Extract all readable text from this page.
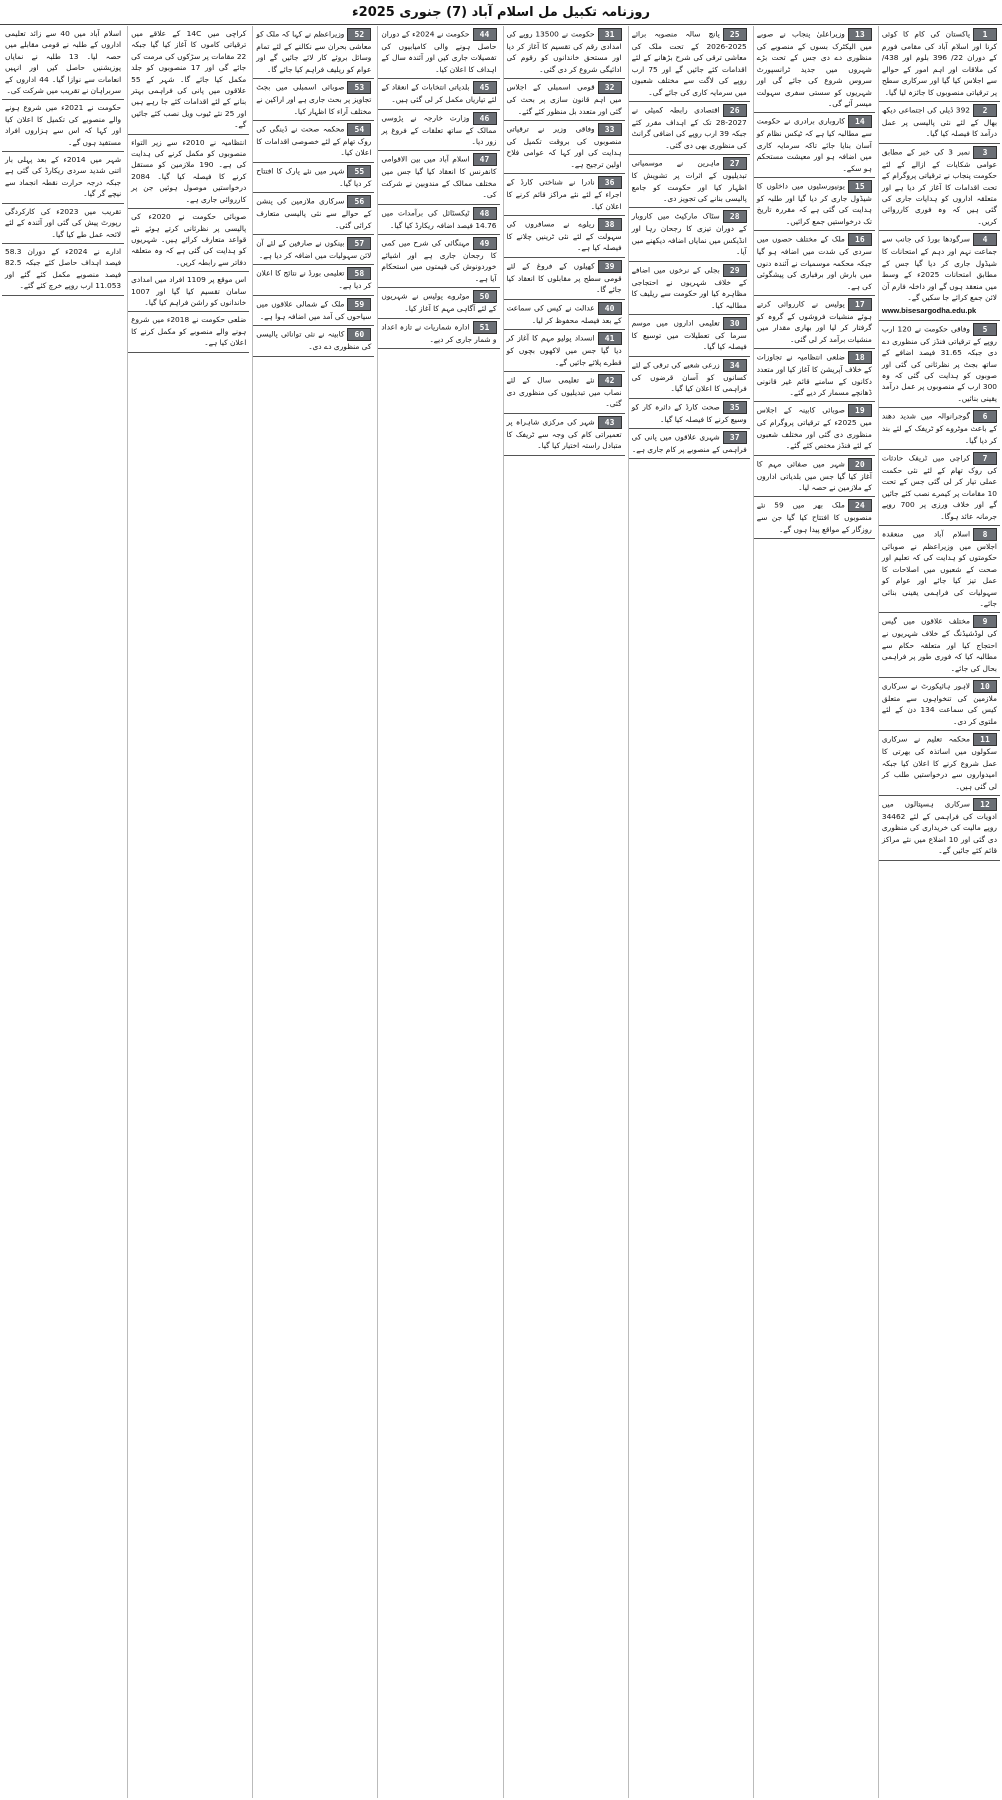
روزنامہ تکبیل مل اسلام آباد (7) جنوری 2025ء
1پاکستان کی کام کا کوئی کرنا اور اسلام آباد کی مقامی فورم کے دوران 22/ 396 بلوم اور 438/ کی ملاقات اور اہم امور کے حوالے سے اجلاس کیا گیا اور سرکاری سطح پر ترقیاتی منصوبوں کا جائزہ لیا گیا۔
2392 ڈیلی کی اجتماعی دیکھ بھال کے لئے نئی پالیسی پر عمل درآمد کا فیصلہ کیا گیا۔
3نمبر 3 کی خبر کے مطابق عوامی شکایات کے ازالے کے لئے حکومت پنجاب نے ترقیاتی پروگرام کے تحت اقدامات کا آغاز کر دیا ہے اور متعلقہ اداروں کو ہدایات جاری کی گئی ہیں کہ وہ فوری کارروائی کریں۔
4سرگودھا بورڈ کی جانب سے جماعت نہم اور دہم کے امتحانات کا شیڈول جاری کر دیا گیا جس کے مطابق امتحانات 2025ء کے وسط میں منعقد ہوں گے اور داخلہ فارم آن لائن جمع کرائے جا سکیں گے۔
www.bisesargodha.edu.pk
5وفاقی حکومت نے 120 ارب روپے کے ترقیاتی فنڈز کی منظوری دے دی جبکہ 31.65 فیصد اضافے کے ساتھ بجٹ پر نظرثانی کی گئی اور صوبوں کو ہدایت کی گئی کہ وہ 300 ارب کے منصوبوں پر عمل درآمد یقینی بنائیں۔
6گوجرانوالہ میں شدید دھند کے باعث موٹروے کو ٹریفک کے لئے بند کر دیا گیا۔
7کراچی میں ٹریفک حادثات کی روک تھام کے لئے نئی حکمت عملی تیار کر لی گئی جس کے تحت 10 مقامات پر کیمرے نصب کئے جائیں گے اور خلاف ورزی پر 700 روپے جرمانہ عائد ہوگا۔
8اسلام آباد میں منعقدہ اجلاس میں وزیراعظم نے صوبائی حکومتوں کو ہدایت کی کہ تعلیم اور صحت کے شعبوں میں اصلاحات کا عمل تیز کیا جائے اور عوام کو سہولیات کی فراہمی یقینی بنائی جائے۔
9مختلف علاقوں میں گیس کی لوڈشیڈنگ کے خلاف شہریوں نے احتجاج کیا اور متعلقہ حکام سے مطالبہ کیا کہ فوری طور پر فراہمی بحال کی جائے۔
10لاہور ہائیکورٹ نے سرکاری ملازمین کی تنخواہوں سے متعلق کیس کی سماعت 134 دن کے لئے ملتوی کر دی۔
11محکمہ تعلیم نے سرکاری سکولوں میں اساتذہ کی بھرتی کا عمل شروع کرنے کا اعلان کیا جبکہ امیدواروں سے درخواستیں طلب کر لی گئی ہیں۔
12سرکاری ہسپتالوں میں ادویات کی فراہمی کے لئے 34462 روپے مالیت کی خریداری کی منظوری دی گئی اور 10 اضلاع میں نئے مراکز قائم کئے جائیں گے۔
13وزیراعلیٰ پنجاب نے صوبے میں الیکٹرک بسوں کے منصوبے کی منظوری دے دی جس کے تحت بڑے شہروں میں جدید ٹرانسپورٹ سروس شروع کی جائے گی اور شہریوں کو سستی سفری سہولت میسر آئے گی۔
14کاروباری برادری نے حکومت سے مطالبہ کیا ہے کہ ٹیکس نظام کو آسان بنایا جائے تاکہ سرمایہ کاری میں اضافہ ہو اور معیشت مستحکم ہو سکے۔
15یونیورسٹیوں میں داخلوں کا شیڈول جاری کر دیا گیا اور طلبہ کو ہدایت کی گئی ہے کہ مقررہ تاریخ تک درخواستیں جمع کرائیں۔
16ملک کے مختلف حصوں میں سردی کی شدت میں اضافہ ہو گیا جبکہ محکمہ موسمیات نے آئندہ دنوں میں بارش اور برفباری کی پیشگوئی کی ہے۔
17پولیس نے کارروائی کرتے ہوئے منشیات فروشوں کے گروہ کو گرفتار کر لیا اور بھاری مقدار میں منشیات برآمد کر لی گئی۔
18ضلعی انتظامیہ نے تجاوزات کے خلاف آپریشن کا آغاز کیا اور متعدد دکانوں کے سامنے قائم غیر قانونی ڈھانچے مسمار کر دیے گئے۔
19صوبائی کابینہ کے اجلاس میں 2025ء کے ترقیاتی پروگرام کی منظوری دی گئی اور مختلف شعبوں کے لئے فنڈز مختص کئے گئے۔
20شہر میں صفائی مہم کا آغاز کیا گیا جس میں بلدیاتی اداروں کے ملازمین نے حصہ لیا۔
24ملک بھر میں 59 نئے منصوبوں کا افتتاح کیا گیا جن سے روزگار کے مواقع پیدا ہوں گے۔
25پانچ سالہ منصوبہ برائے 2025-2026 کے تحت ملک کی معاشی ترقی کی شرح بڑھانے کے لئے اقدامات کئے جائیں گے اور 75 ارب روپے کی لاگت سے مختلف شعبوں میں سرمایہ کاری کی جائے گی۔
26اقتصادی رابطہ کمیٹی نے 2027-28 تک کے اہداف مقرر کئے جبکہ 39 ارب روپے کی اضافی گرانٹ کی منظوری بھی دی گئی۔
27ماہرین نے موسمیاتی تبدیلیوں کے اثرات پر تشویش کا اظہار کیا اور حکومت کو جامع پالیسی بنانے کی تجویز دی۔
28سٹاک مارکیٹ میں کاروبار کے دوران تیزی کا رجحان رہا اور انڈیکس میں نمایاں اضافہ دیکھنے میں آیا۔
29بجلی کے نرخوں میں اضافے کے خلاف شہریوں نے احتجاجی مظاہرہ کیا اور حکومت سے ریلیف کا مطالبہ کیا۔
30تعلیمی اداروں میں موسم سرما کی تعطیلات میں توسیع کا فیصلہ کیا گیا۔
34زرعی شعبے کی ترقی کے لئے کسانوں کو آسان قرضوں کی فراہمی کا اعلان کیا گیا۔
35صحت کارڈ کے دائرہ کار کو وسیع کرنے کا فیصلہ کیا گیا۔
37شہری علاقوں میں پانی کی فراہمی کے منصوبے پر کام جاری ہے۔
31حکومت نے 13500 روپے کی امدادی رقم کی تقسیم کا آغاز کر دیا اور مستحق خاندانوں کو رقوم کی ادائیگی شروع کر دی گئی۔
32قومی اسمبلی کے اجلاس میں اہم قانون سازی پر بحث کی گئی اور متعدد بل منظور کئے گئے۔
33وفاقی وزیر نے ترقیاتی منصوبوں کی بروقت تکمیل کی ہدایت کی اور کہا کہ عوامی فلاح اولین ترجیح ہے۔
36نادرا نے شناختی کارڈ کے اجراء کے لئے نئے مراکز قائم کرنے کا اعلان کیا۔
38ریلوے نے مسافروں کی سہولت کے لئے نئی ٹرینیں چلانے کا فیصلہ کیا ہے۔
39کھیلوں کے فروغ کے لئے قومی سطح پر مقابلوں کا انعقاد کیا جائے گا۔
40عدالت نے کیس کی سماعت کے بعد فیصلہ محفوظ کر لیا۔
41انسداد پولیو مہم کا آغاز کر دیا گیا جس میں لاکھوں بچوں کو قطرے پلائے جائیں گے۔
42نئے تعلیمی سال کے لئے نصاب میں تبدیلیوں کی منظوری دی گئی۔
43شہر کی مرکزی شاہراہ پر تعمیراتی کام کی وجہ سے ٹریفک کا متبادل راستہ اختیار کیا گیا۔
44حکومت نے 2024ء کے دوران حاصل ہونے والی کامیابیوں کی تفصیلات جاری کیں اور آئندہ سال کے اہداف کا اعلان کیا۔
45بلدیاتی انتخابات کے انعقاد کے لئے تیاریاں مکمل کر لی گئی ہیں۔
46وزارت خارجہ نے پڑوسی ممالک کے ساتھ تعلقات کے فروغ پر زور دیا۔
47اسلام آباد میں بین الاقوامی کانفرنس کا انعقاد کیا گیا جس میں مختلف ممالک کے مندوبین نے شرکت کی۔
48ٹیکسٹائل کی برآمدات میں 14.76 فیصد اضافہ ریکارڈ کیا گیا۔
49مہنگائی کی شرح میں کمی کا رجحان جاری ہے اور اشیائے خوردونوش کی قیمتوں میں استحکام آیا ہے۔
50موٹروے پولیس نے شہریوں کے لئے آگاہی مہم کا آغاز کیا۔
51ادارہ شماریات نے تازہ اعداد و شمار جاری کر دیے۔
52وزیراعظم نے کہا کہ ملک کو معاشی بحران سے نکالنے کے لئے تمام وسائل بروئے کار لائے جائیں گے اور عوام کو ریلیف فراہم کیا جائے گا۔
53صوبائی اسمبلی میں بجٹ تجاویز پر بحث جاری ہے اور اراکین نے مختلف آراء کا اظہار کیا۔
54محکمہ صحت نے ڈینگی کی روک تھام کے لئے خصوصی اقدامات کا اعلان کیا۔
55شہر میں نئے پارک کا افتتاح کر دیا گیا۔
56سرکاری ملازمین کی پنشن کے حوالے سے نئی پالیسی متعارف کرائی گئی۔
57بینکوں نے صارفین کے لئے آن لائن سہولیات میں اضافہ کر دیا ہے۔
58تعلیمی بورڈ نے نتائج کا اعلان کر دیا ہے۔
59ملک کے شمالی علاقوں میں سیاحوں کی آمد میں اضافہ ہوا ہے۔
60کابینہ نے نئی توانائی پالیسی کی منظوری دے دی۔
کراچی میں 14C کے علاقے میں ترقیاتی کاموں کا آغاز کیا گیا جبکہ 22 مقامات پر سڑکوں کی مرمت کی جائے گی اور 17 منصوبوں کو جلد مکمل کیا جائے گا۔ شہر کے 55 علاقوں میں پانی کی فراہمی بہتر بنانے کے لئے اقدامات کئے جا رہے ہیں اور 25 نئے ٹیوب ویل نصب کئے جائیں گے۔
انتظامیہ نے 2010ء سے زیر التواء منصوبوں کو مکمل کرنے کی ہدایت کی ہے۔ 190 ملازمین کو مستقل کرنے کا فیصلہ کیا گیا۔ 2084 درخواستیں موصول ہوئیں جن پر کارروائی جاری ہے۔
صوبائی حکومت نے 2020ء کی پالیسی پر نظرثانی کرتے ہوئے نئے قواعد متعارف کرائے ہیں۔ شہریوں کو ہدایت کی گئی ہے کہ وہ متعلقہ دفاتر سے رابطہ کریں۔
اس موقع پر 1109 افراد میں امدادی سامان تقسیم کیا گیا اور 1007 خاندانوں کو راشن فراہم کیا گیا۔
ضلعی حکومت نے 2018ء میں شروع ہونے والے منصوبے کو مکمل کرنے کا اعلان کیا ہے۔
اسلام آباد میں 40 سے زائد تعلیمی اداروں کے طلبہ نے قومی مقابلے میں حصہ لیا۔ 13 طلبہ نے نمایاں پوزیشنیں حاصل کیں اور انہیں انعامات سے نوازا گیا۔ 44 اداروں کے سربراہان نے تقریب میں شرکت کی۔
حکومت نے 2021ء میں شروع ہونے والے منصوبے کی تکمیل کا اعلان کیا اور کہا کہ اس سے ہزاروں افراد مستفید ہوں گے۔
شہر میں 2014ء کے بعد پہلی بار اتنی شدید سردی ریکارڈ کی گئی ہے جبکہ درجہ حرارت نقطہ انجماد سے نیچے گر گیا۔
تقریب میں 2023ء کی کارکردگی رپورٹ پیش کی گئی اور آئندہ کے لئے لائحہ عمل طے کیا گیا۔
ادارے نے 2024ء کے دوران 58.3 فیصد اہداف حاصل کئے جبکہ 82.5 فیصد منصوبے مکمل کئے گئے اور 11.053 ارب روپے خرچ کئے گئے۔
